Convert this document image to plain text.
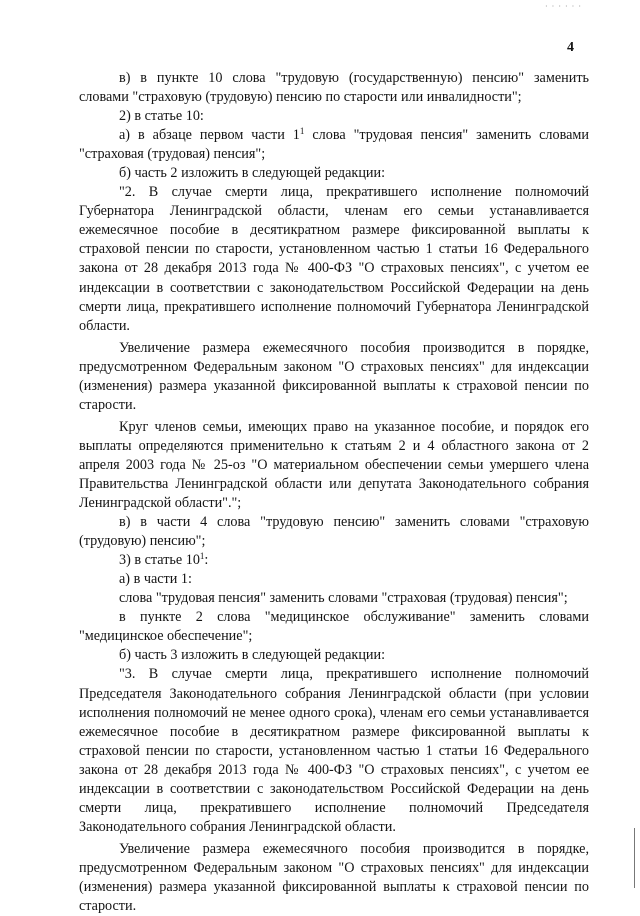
· · · · · ·
4

в) в пункте 10 слова "трудовую (государственную) пенсию" заменить словами "страховую (трудовую) пенсию по старости или инвалидности";

2) в статье 10:

а) в абзаце первом части $1^1$ слова "трудовая пенсия" заменить словами "страховая (трудовая) пенсия";

б) часть 2 изложить в следующей редакции:

"2. В случае смерти лица, прекратившего исполнение полномочий Губернатора Ленинградской области, членам его семьи устанавливается ежемесячное пособие в десятикратном размере фиксированной выплаты к страховой пенсии по старости, установленном частью 1 статьи 16 Федерального закона от 28 декабря 2013 года № 400-ФЗ "О страховых пенсиях", с учетом ее индексации в соответствии с законодательством Российской Федерации на день смерти лица, прекратившего исполнение полномочий Губернатора Ленинградской области.

Увеличение размера ежемесячного пособия производится в порядке, предусмотренном Федеральным законом "О страховых пенсиях" для индексации (изменения) размера указанной фиксированной выплаты к страховой пенсии по старости.

Круг членов семьи, имеющих право на указанное пособие, и порядок его выплаты определяются применительно к статьям 2 и 4 областного закона от 2 апреля 2003 года № 25-оз "О материальном обеспечении семьи умершего члена Правительства Ленинградской области или депутата Законодательного собрания Ленинградской области".";

в) в части 4 слова "трудовую пенсию" заменить словами "страховую (трудовую) пенсию";

3) в статье $10^1$:

а) в части 1:

слова "трудовая пенсия" заменить словами "страховая (трудовая) пенсия";

в пункте 2 слова "медицинское обслуживание" заменить словами "медицинское обеспечение";

б) часть 3 изложить в следующей редакции:

"3. В случае смерти лица, прекратившего исполнение полномочий Председателя Законодательного собрания Ленинградской области (при условии исполнения полномочий не менее одного срока), членам его семьи устанавливается ежемесячное пособие в десятикратном размере фиксированной выплаты к страховой пенсии по старости, установленном частью 1 статьи 16 Федерального закона от 28 декабря 2013 года № 400-ФЗ "О страховых пенсиях", с учетом ее индексации в соответствии с законодательством Российской Федерации на день смерти лица, прекратившего исполнение полномочий Председателя Законодательного собрания Ленинградской области.

Увеличение размера ежемесячного пособия производится в порядке, предусмотренном Федеральным законом "О страховых пенсиях" для индексации (изменения) размера указанной фиксированной выплаты к страховой пенсии по старости.
